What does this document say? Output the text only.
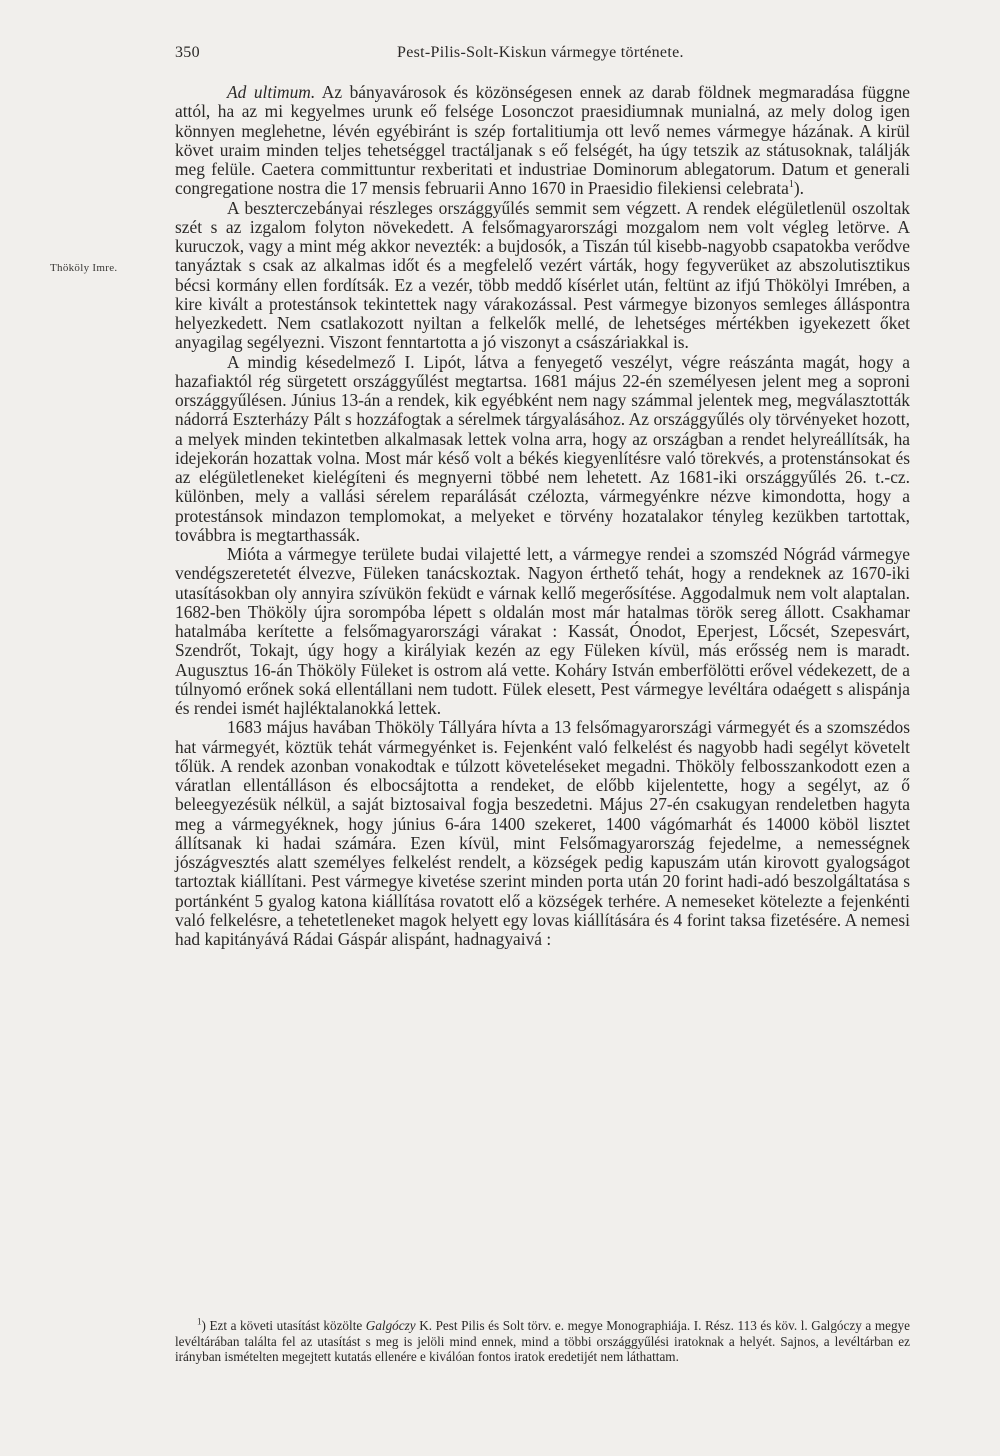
350	Pest-Pilis-Solt-Kiskun vármegye története.
Thököly Imre.

Ad ultimum. Az bányavárosok és közönségesen ennek az darab földnek megmaradása függne attól, ha az mi kegyelmes urunk eő felsége Losonczot praesidiumnak munialná, az mely dolog igen könnyen meglehetne, lévén egyébiránt is szép fortalitiumja ott levő nemes vármegye házának. A kirül követ uraim minden teljes tehetséggel tractáljanak s eő felségét, ha úgy tetszik az státusoknak, találják meg felüle. Caetera committuntur rexberitati et industriae Dominorum ablegatorum. Datum et generali congregatione nostra die 17 mensis februarii Anno 1670 in Praesidio filekiensi celebrata$^1$).

A beszterczebányai részleges országgyűlés semmit sem végzett. A rendek elégületlenül oszoltak szét s az izgalom folyton növekedett. A felsőmagyarországi mozgalom nem volt végleg letörve. A kuruczok, vagy a mint még akkor nevezték: a bujdosók, a Tiszán túl kisebb-nagyobb csapatokba verődve tanyáztak s csak az alkalmas időt és a megfelelő vezért várták, hogy fegyverüket az abszolutisztikus bécsi kormány ellen fordítsák. Ez a vezér, több meddő kísérlet után, feltünt az ifjú Thökölyi Imrében, a kire kivált a protestánsok tekintettek nagy várakozással. Pest vármegye bizonyos semleges álláspontra helyezkedett. Nem csatlakozott nyiltan a felkelők mellé, de lehetséges mértékben igyekezett őket anyagilag segélyezni. Viszont fenntartotta a jó viszonyt a császáriakkal is.

A mindig késedelmező I. Lipót, látva a fenyegető veszélyt, végre reászánta magát, hogy a hazafiaktól rég sürgetett országgyűlést megtartsa. 1681 május 22-én személyesen jelent meg a soproni országgyűlésen. Június 13-án a rendek, kik egyébként nem nagy számmal jelentek meg, megválasztották nádorrá Eszterházy Pált s hozzáfogtak a sérelmek tárgyalásához. Az országgyűlés oly törvényeket hozott, a melyek minden tekintetben alkalmasak lettek volna arra, hogy az országban a rendet helyreállítsák, ha idejekorán hozattak volna. Most már késő volt a békés kiegyenlítésre való törekvés, a protenstánsokat és az elégületleneket kielégíteni és megnyerni többé nem lehetett. Az 1681-iki országgyűlés 26. t.-cz. különben, mely a vallási sérelem reparálását czélozta, vármegyénkre nézve kimondotta, hogy a protestánsok mindazon templomokat, a melyeket e törvény hozatalakor tényleg kezükben tartottak, továbbra is megtarthassák.

Mióta a vármegye területe budai vilajetté lett, a vármegye rendei a szomszéd Nógrád vármegye vendégszeretetét élvezve, Füleken tanácskoztak. Nagyon érthető tehát, hogy a rendeknek az 1670-iki utasításokban oly annyira szívükön feküdt e várnak kellő megerősítése. Aggodalmuk nem volt alaptalan. 1682-ben Thököly újra sorompóba lépett s oldalán most már hatalmas török sereg állott. Csakhamar hatalmába kerítette a felsőmagyarországi várakat : Kassát, Ónodot, Eperjest, Lőcsét, Szepesvárt, Szendrőt, Tokajt, úgy hogy a királyiak kezén az egy Füleken kívül, más erősség nem is maradt. Augusztus 16-án Thököly Füleket is ostrom alá vette. Koháry István emberfölötti erővel védekezett, de a túlnyomó erőnek soká ellentállani nem tudott. Fülek elesett, Pest vármegye levéltára odaégett s alispánja és rendei ismét hajléktalanokká lettek.

1683 május havában Thököly Tállyára hívta a 13 felsőmagyarországi vármegyét és a szomszédos hat vármegyét, köztük tehát vármegyénket is. Fejenként való felkelést és nagyobb hadi segélyt követelt tőlük. A rendek azonban vonakodtak e túlzott követeléseket megadni. Thököly felbosszankodott ezen a váratlan ellentálláson és elbocsájtotta a rendeket, de előbb kijelentette, hogy a segélyt, az ő beleegyezésük nélkül, a saját biztosaival fogja beszedetni. Május 27-én csakugyan rendeletben hagyta meg a vármegyéknek, hogy június 6-ára 1400 szekeret, 1400 vágómarhát és 14000 köböl lisztet állítsanak ki hadai számára. Ezen kívül, mint Felsőmagyarország fejedelme, a nemességnek jószágvesztés alatt személyes felkelést rendelt, a községek pedig kapuszám után kirovott gyalogságot tartoztak kiállítani. Pest vármegye kivetése szerint minden porta után 20 forint hadi-adó beszolgáltatása s portánként 5 gyalog katona kiállítása rovatott elő a községek terhére. A nemeseket kötelezte a fejenkénti való felkelésre, a tehetetleneket magok helyett egy lovas kiállítására és 4 forint taksa fizetésére. A nemesi had kapitányává Rádai Gáspár alispánt, hadnagyaivá :

$^1$) Ezt a követi utasítást közölte Galgóczy K. Pest Pilis és Solt törv. e. megye Monographiája. I. Rész. 113 és köv. l. Galgóczy a megye levéltárában találta fel az utasítást s meg is jelöli mind ennek, mind a többi országgyűlési iratoknak a helyét. Sajnos, a levéltárban ez irányban ismételten megejtett kutatás ellenére e kiválóan fontos iratok eredetijét nem láthattam.
